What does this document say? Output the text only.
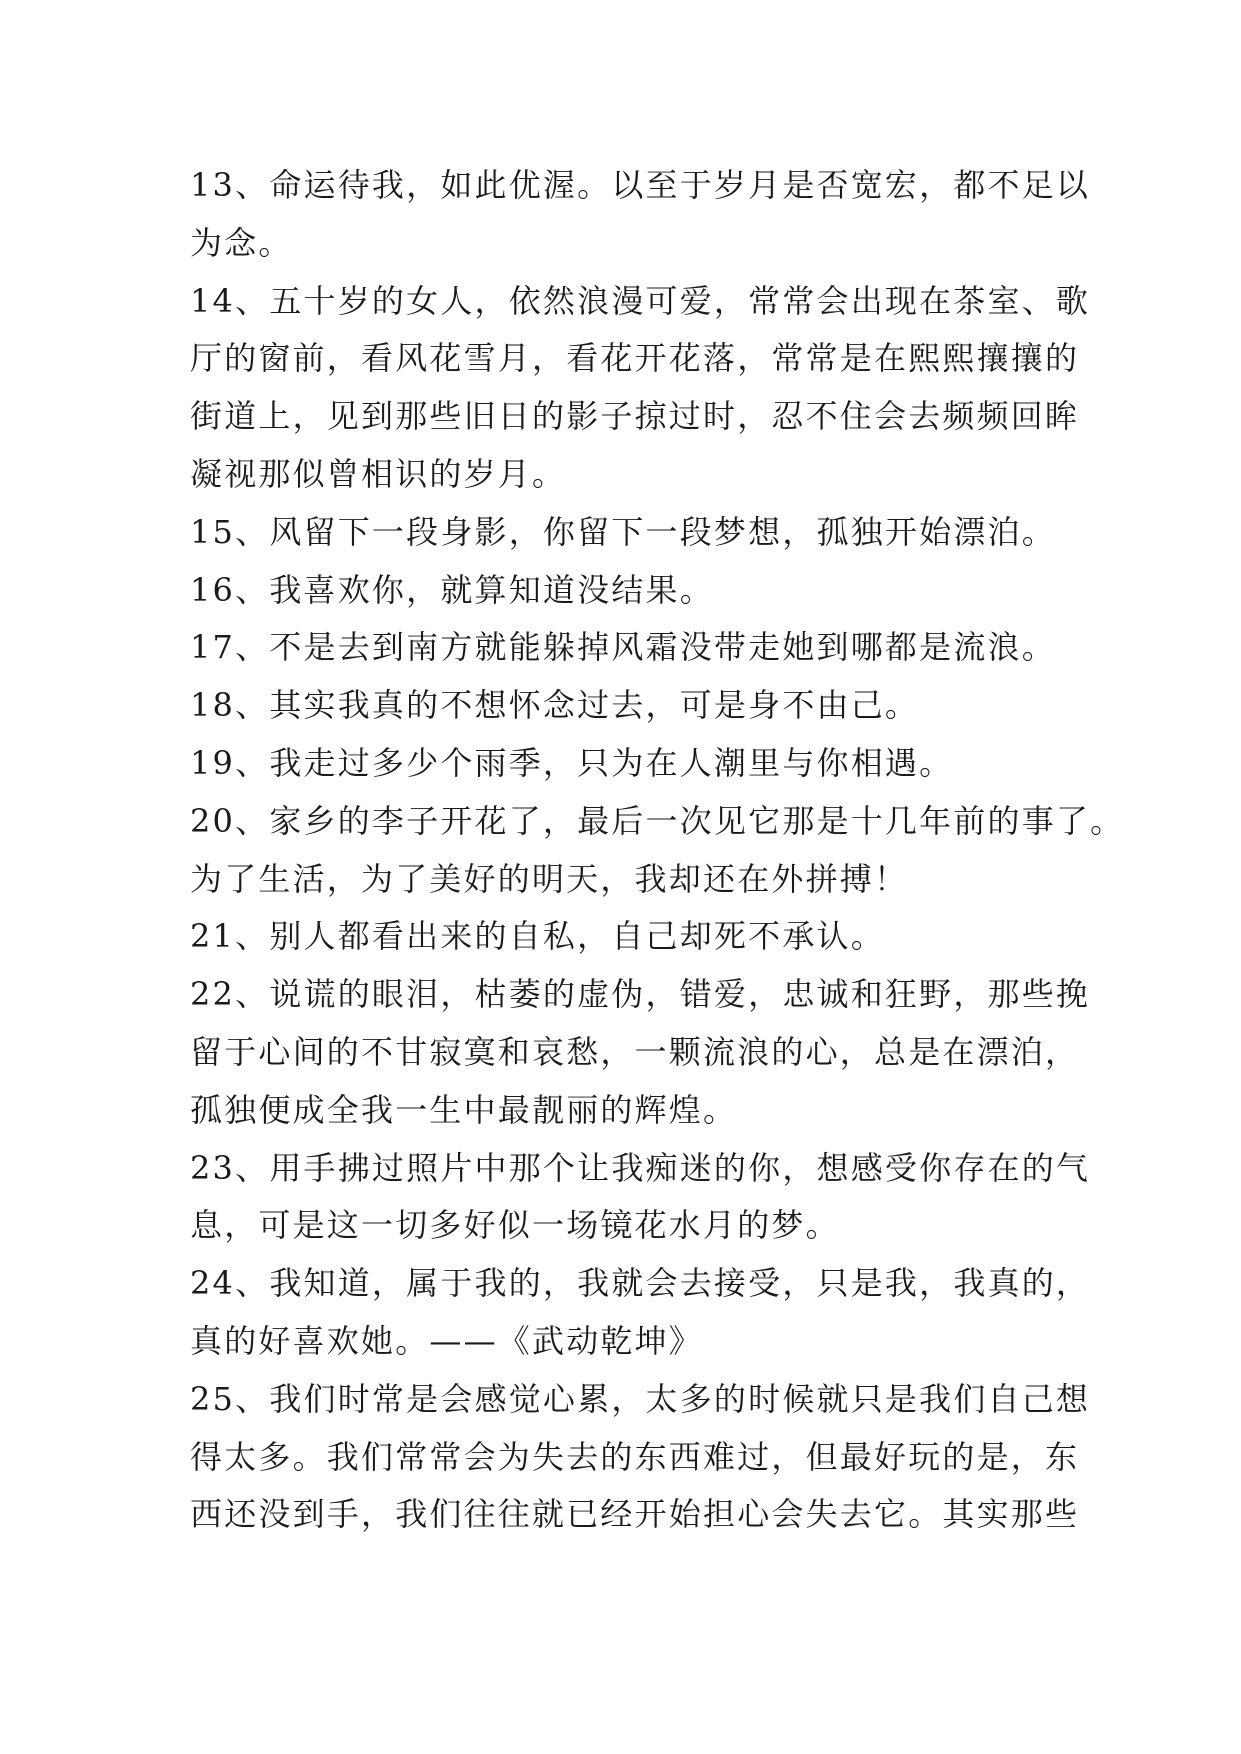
13、命运待我，如此优渥。以至于岁月是否宽宏，都不足以
为念。
14、五十岁的女人，依然浪漫可爱，常常会出现在茶室、歌
厅的窗前，看风花雪月，看花开花落，常常是在熙熙攘攘的
街道上，见到那些旧日的影子掠过时，忍不住会去频频回眸
凝视那似曾相识的岁月。
15、风留下一段身影，你留下一段梦想，孤独开始漂泊。
16、我喜欢你，就算知道没结果。
17、不是去到南方就能躲掉风霜没带走她到哪都是流浪。
18、其实我真的不想怀念过去，可是身不由己。
19、我走过多少个雨季，只为在人潮里与你相遇。
20、家乡的李子开花了，最后一次见它那是十几年前的事了。
为了生活，为了美好的明天，我却还在外拼搏！
21、别人都看出来的自私，自己却死不承认。
22、说谎的眼泪，枯萎的虚伪，错爱，忠诚和狂野，那些挽
留于心间的不甘寂寞和哀愁，一颗流浪的心，总是在漂泊，
孤独便成全我一生中最靓丽的辉煌。
23、用手拂过照片中那个让我痴迷的你，想感受你存在的气
息，可是这一切多好似一场镜花水月的梦。
24、我知道，属于我的，我就会去接受，只是我，我真的，
真的好喜欢她。——《武动乾坤》
25、我们时常是会感觉心累，太多的时候就只是我们自己想
得太多。我们常常会为失去的东西难过，但最好玩的是，东
西还没到手，我们往往就已经开始担心会失去它。其实那些
